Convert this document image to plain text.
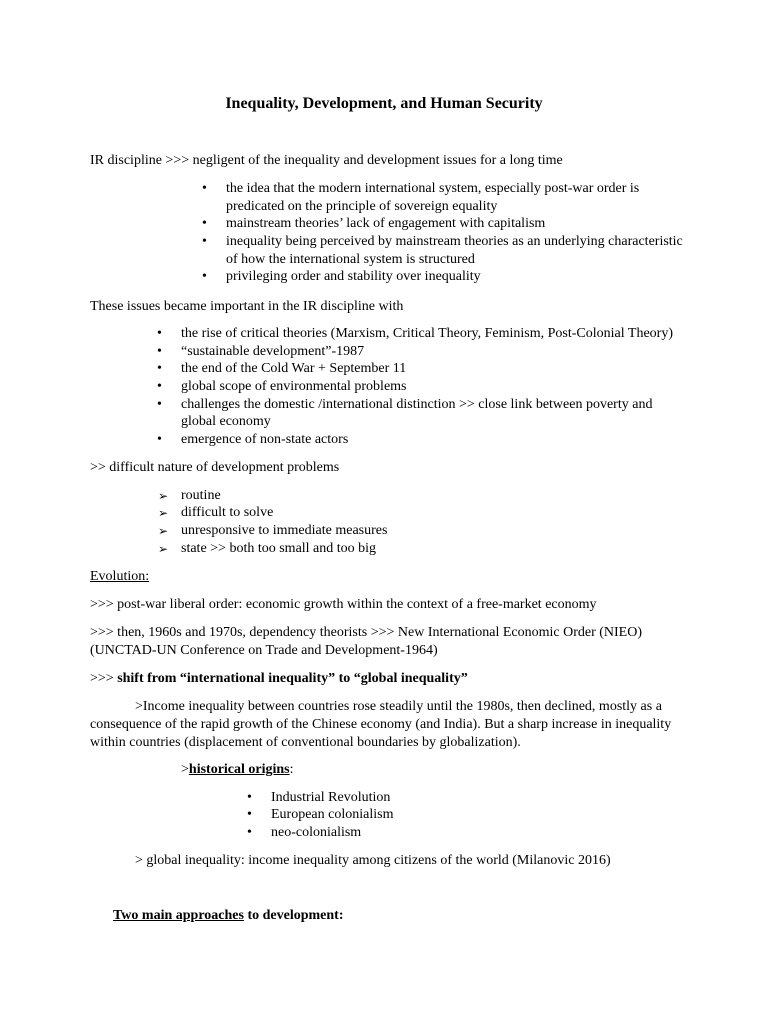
Inequality, Development, and Human Security
IR discipline >>> negligent of the inequality and development issues for a long time
• the idea that the modern international system, especially post-war order is
predicated on the principle of sovereign equality
• mainstream theories’ lack of engagement with capitalism
• inequality being perceived by mainstream theories as an underlying characteristic
of how the international system is structured
• privileging order and stability over inequality
These issues became important in the IR discipline with
• the rise of critical theories (Marxism, Critical Theory, Feminism, Post-Colonial Theory)
• “sustainable development”-1987
• the end of the Cold War + September 11
• global scope of environmental problems
• challenges the domestic /international distinction >> close link between poverty and
global economy
• emergence of non-state actors
>> difficult nature of development problems
➢ routine
➢ difficult to solve
➢ unresponsive to immediate measures
➢ state >> both too small and too big
Evolution:
>>> post-war liberal order: economic growth within the context of a free-market economy
>>> then, 1960s and 1970s, dependency theorists >>> New International Economic Order (NIEO)
(UNCTAD-UN Conference on Trade and Development-1964)
>>> shift from “international inequality” to “global inequality”
>Income inequality between countries rose steadily until the 1980s, then declined, mostly as a
consequence of the rapid growth of the Chinese economy (and India). But a sharp increase in inequality
within countries (displacement of conventional boundaries by globalization).
>historical origins:
• Industrial Revolution
• European colonialism
• neo-colonialism
> global inequality: income inequality among citizens of the world (Milanovic 2016)
Two main approaches to development:
